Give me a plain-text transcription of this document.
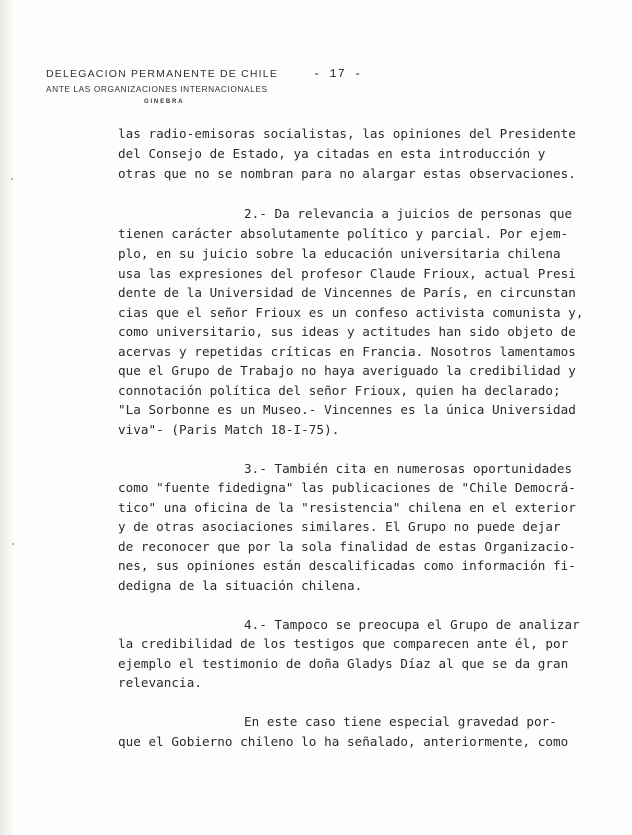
DELEGACION PERMANENTE DE CHILE
ANTE LAS ORGANIZACIONES INTERNACIONALES
GINEBRA
- 17 -
las radio-emisoras socialistas, las opiniones del Presidente
del Consejo de Estado, ya citadas en esta introducción y
otras que no se nombran para no alargar estas observaciones.
2.- Da relevancia a juicios de personas que
tienen carácter absolutamente político y parcial. Por ejem-
plo, en su juicio sobre la educación universitaria chilena
usa las expresiones del profesor Claude Frioux, actual Presi
dente de la Universidad de Vincennes de París, en circunstan
cias que el señor Frioux es un confeso activista comunista y,
como universitario, sus ideas y actitudes han sido objeto de
acervas y repetidas críticas en Francia. Nosotros lamentamos
que el Grupo de Trabajo no haya averiguado la credibilidad y
connotación política del señor Frioux, quien ha declarado;
"La Sorbonne es un Museo.- Vincennes es la única Universidad
viva"- (Paris Match 18-I-75).
3.- También cita en numerosas oportunidades
como "fuente fidedigna" las publicaciones de "Chile Democrá-
tico" una oficina de la "resistencia" chilena en el exterior
y de otras asociaciones similares. El Grupo no puede dejar
de reconocer que por la sola finalidad de estas Organizacio-
nes, sus opiniones están descalificadas como información fi-
dedigna de la situación chilena.
4.- Tampoco se preocupa el Grupo de analizar
la credibilidad de los testigos que comparecen ante él, por
ejemplo el testimonio de doña Gladys Díaz al que se da gran
relevancia.
En este caso tiene especial gravedad por-
que el Gobierno chileno lo ha señalado, anteriormente, como
